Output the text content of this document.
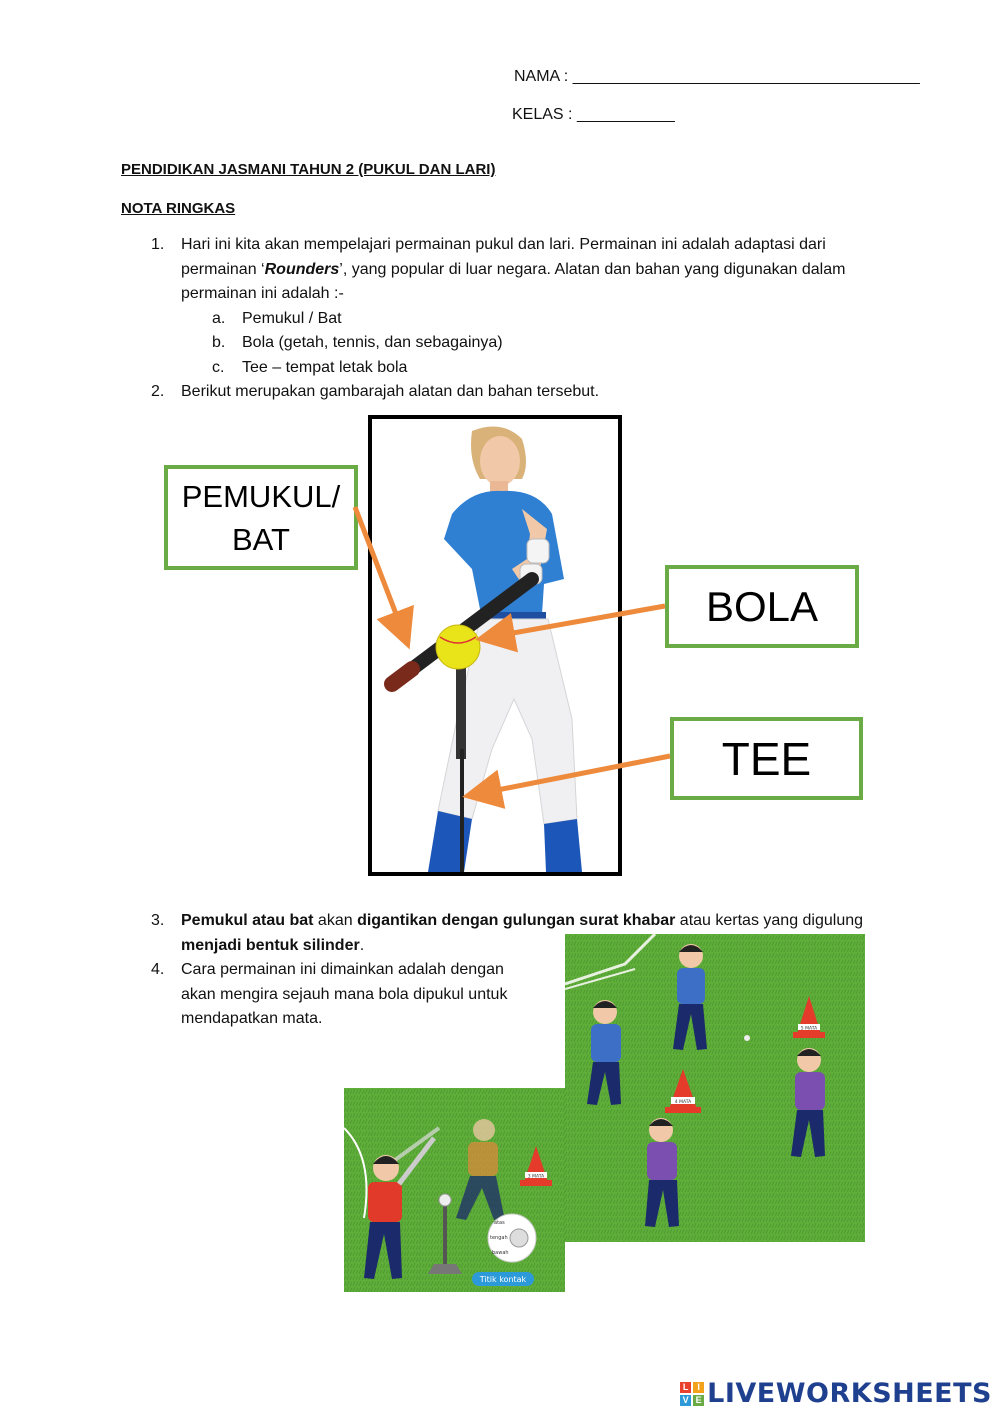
NAMA : _______________________________________
KELAS : ___________
PENDIDIKAN JASMANI TAHUN 2 (PUKUL DAN LARI)
NOTA RINGKAS
1.	Hari ini kita akan mempelajari permainan pukul dan lari. Permainan ini adalah adaptasi dari
permainan ‘Rounders’, yang popular di luar negara. Alatan dan bahan yang digunakan dalam
permainan ini adalah :-
a. Pemukul / Bat
b. Bola (getah, tennis, dan sebagainya)
c. Tee – tempat letak bola
2. Berikut merupakan gambarajah alatan dan bahan tersebut.
PEMUKUL/
BAT
BOLA
TEE
3.	Pemukul atau bat akan digantikan dengan gulungan surat khabar atau kertas yang digulung
menjadi bentuk silinder.
4.	Cara permainan ini dimainkan adalah dengan
akan mengira sejauh mana bola dipukul untuk
mendapatkan mata.
5 MATA
4 MATA
3 MATA
atas
tengah
bawah
Titik kontak
L I
V E LIVEWORKSHEETS
